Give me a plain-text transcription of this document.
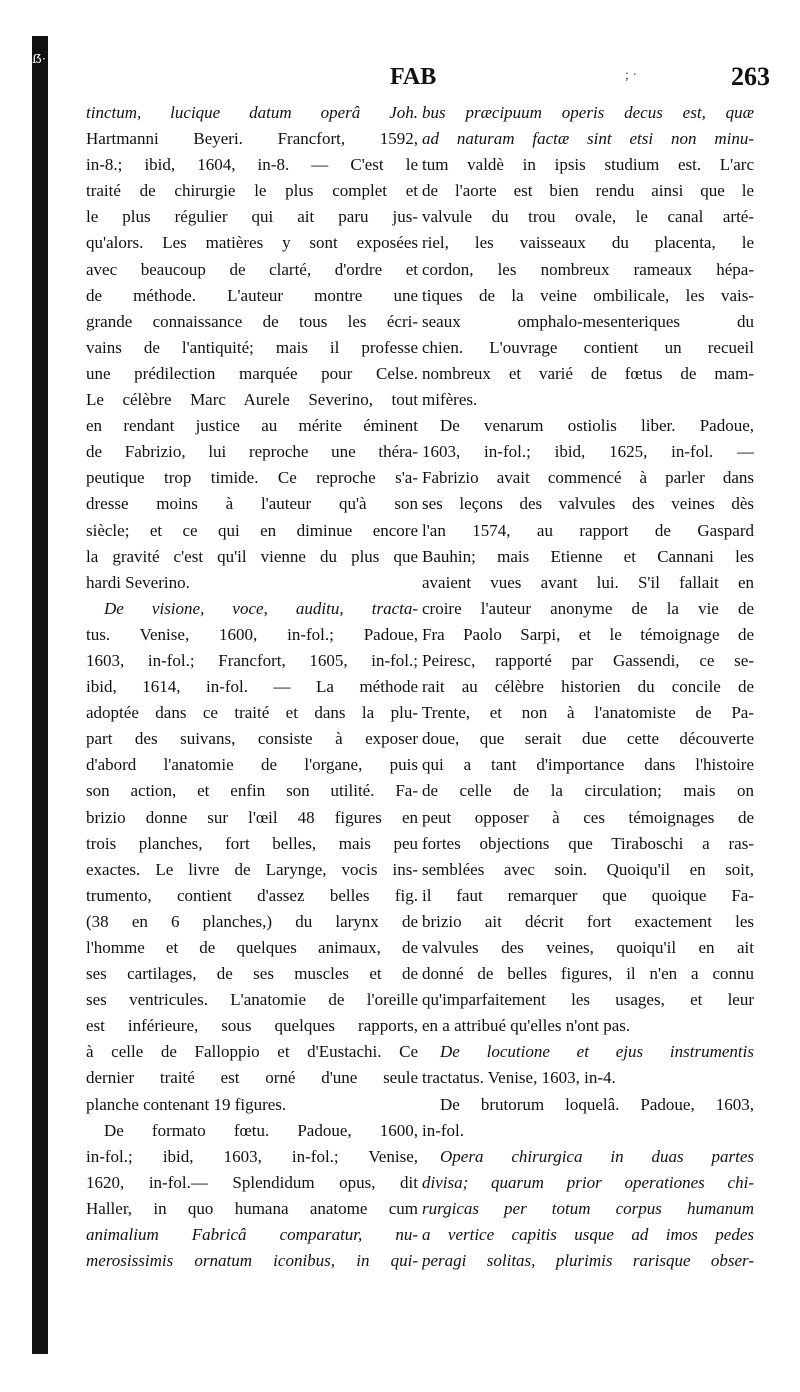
ẞ·
FAB	; ·	263
tinctum, lucique datum operâ Joh.
Hartmanni Beyeri. Francfort, 1592,
in-8.; ibid, 1604, in-8. — C'est le
traité de chirurgie le plus complet et
le plus régulier qui ait paru jus-
qu'alors. Les matières y sont exposées
avec beaucoup de clarté, d'ordre et
de méthode. L'auteur montre une
grande connaissance de tous les écri-
vains de l'antiquité; mais il professe
une prédilection marquée pour Celse.
Le célèbre Marc Aurele Severino, tout
en rendant justice au mérite éminent
de Fabrizio, lui reproche une théra-
peutique trop timide. Ce reproche s'a-
dresse moins à l'auteur qu'à son
siècle; et ce qui en diminue encore
la gravité c'est qu'il vienne du plus que
hardi Severino.
De visione, voce, auditu, tracta-
tus. Venise, 1600, in-fol.; Padoue,
1603, in-fol.; Francfort, 1605, in-fol.;
ibid, 1614, in-fol. — La méthode
adoptée dans ce traité et dans la plu-
part des suivans, consiste à exposer
d'abord l'anatomie de l'organe, puis
son action, et enfin son utilité. Fa-
brizio donne sur l'œil 48 figures en
trois planches, fort belles, mais peu
exactes. Le livre de Larynge, vocis ins-
trumento, contient d'assez belles fig.
(38 en 6 planches,) du larynx de
l'homme et de quelques animaux, de
ses cartilages, de ses muscles et de
ses ventricules. L'anatomie de l'oreille
est inférieure, sous quelques rapports,
à celle de Falloppio et d'Eustachi. Ce
dernier traité est orné d'une seule
planche contenant 19 figures.
De formato fœtu. Padoue, 1600,
in-fol.; ibid, 1603, in-fol.; Venise,
1620, in-fol.— Splendidum opus, dit
Haller, in quo humana anatome cum
animalium Fabricâ comparatur, nu-
merosissimis ornatum iconibus, in qui-
bus præcipuum operis decus est, quæ
ad naturam factæ sint etsi non minu-
tum valdè in ipsis studium est. L'arc
de l'aorte est bien rendu ainsi que le
valvule du trou ovale, le canal arté-
riel, les vaisseaux du placenta, le
cordon, les nombreux rameaux hépa-
tiques de la veine ombilicale, les vais-
seaux omphalo-mesenteriques du
chien. L'ouvrage contient un recueil
nombreux et varié de fœtus de mam-
mifères.
De venarum ostiolis liber. Padoue,
1603, in-fol.; ibid, 1625, in-fol. —
Fabrizio avait commencé à parler dans
ses leçons des valvules des veines dès
l'an 1574, au rapport de Gaspard
Bauhin; mais Etienne et Cannani les
avaient vues avant lui. S'il fallait en
croire l'auteur anonyme de la vie de
Fra Paolo Sarpi, et le témoignage de
Peiresc, rapporté par Gassendi, ce se-
rait au célèbre historien du concile de
Trente, et non à l'anatomiste de Pa-
doue, que serait due cette découverte
qui a tant d'importance dans l'histoire
de celle de la circulation; mais on
peut opposer à ces témoignages de
fortes objections que Tiraboschi a ras-
semblées avec soin. Quoiqu'il en soit,
il faut remarquer que quoique Fa-
brizio ait décrit fort exactement les
valvules des veines, quoiqu'il en ait
donné de belles figures, il n'en a connu
qu'imparfaitement les usages, et leur
en a attribué qu'elles n'ont pas.
De locutione et ejus instrumentis
tractatus. Venise, 1603, in-4.
De brutorum loquelâ. Padoue, 1603,
in-fol.
Opera chirurgica in duas partes
divisa; quarum prior operationes chi-
rurgicas per totum corpus humanum
a vertice capitis usque ad imos pedes
peragi solitas, plurimis rarisque obser-
